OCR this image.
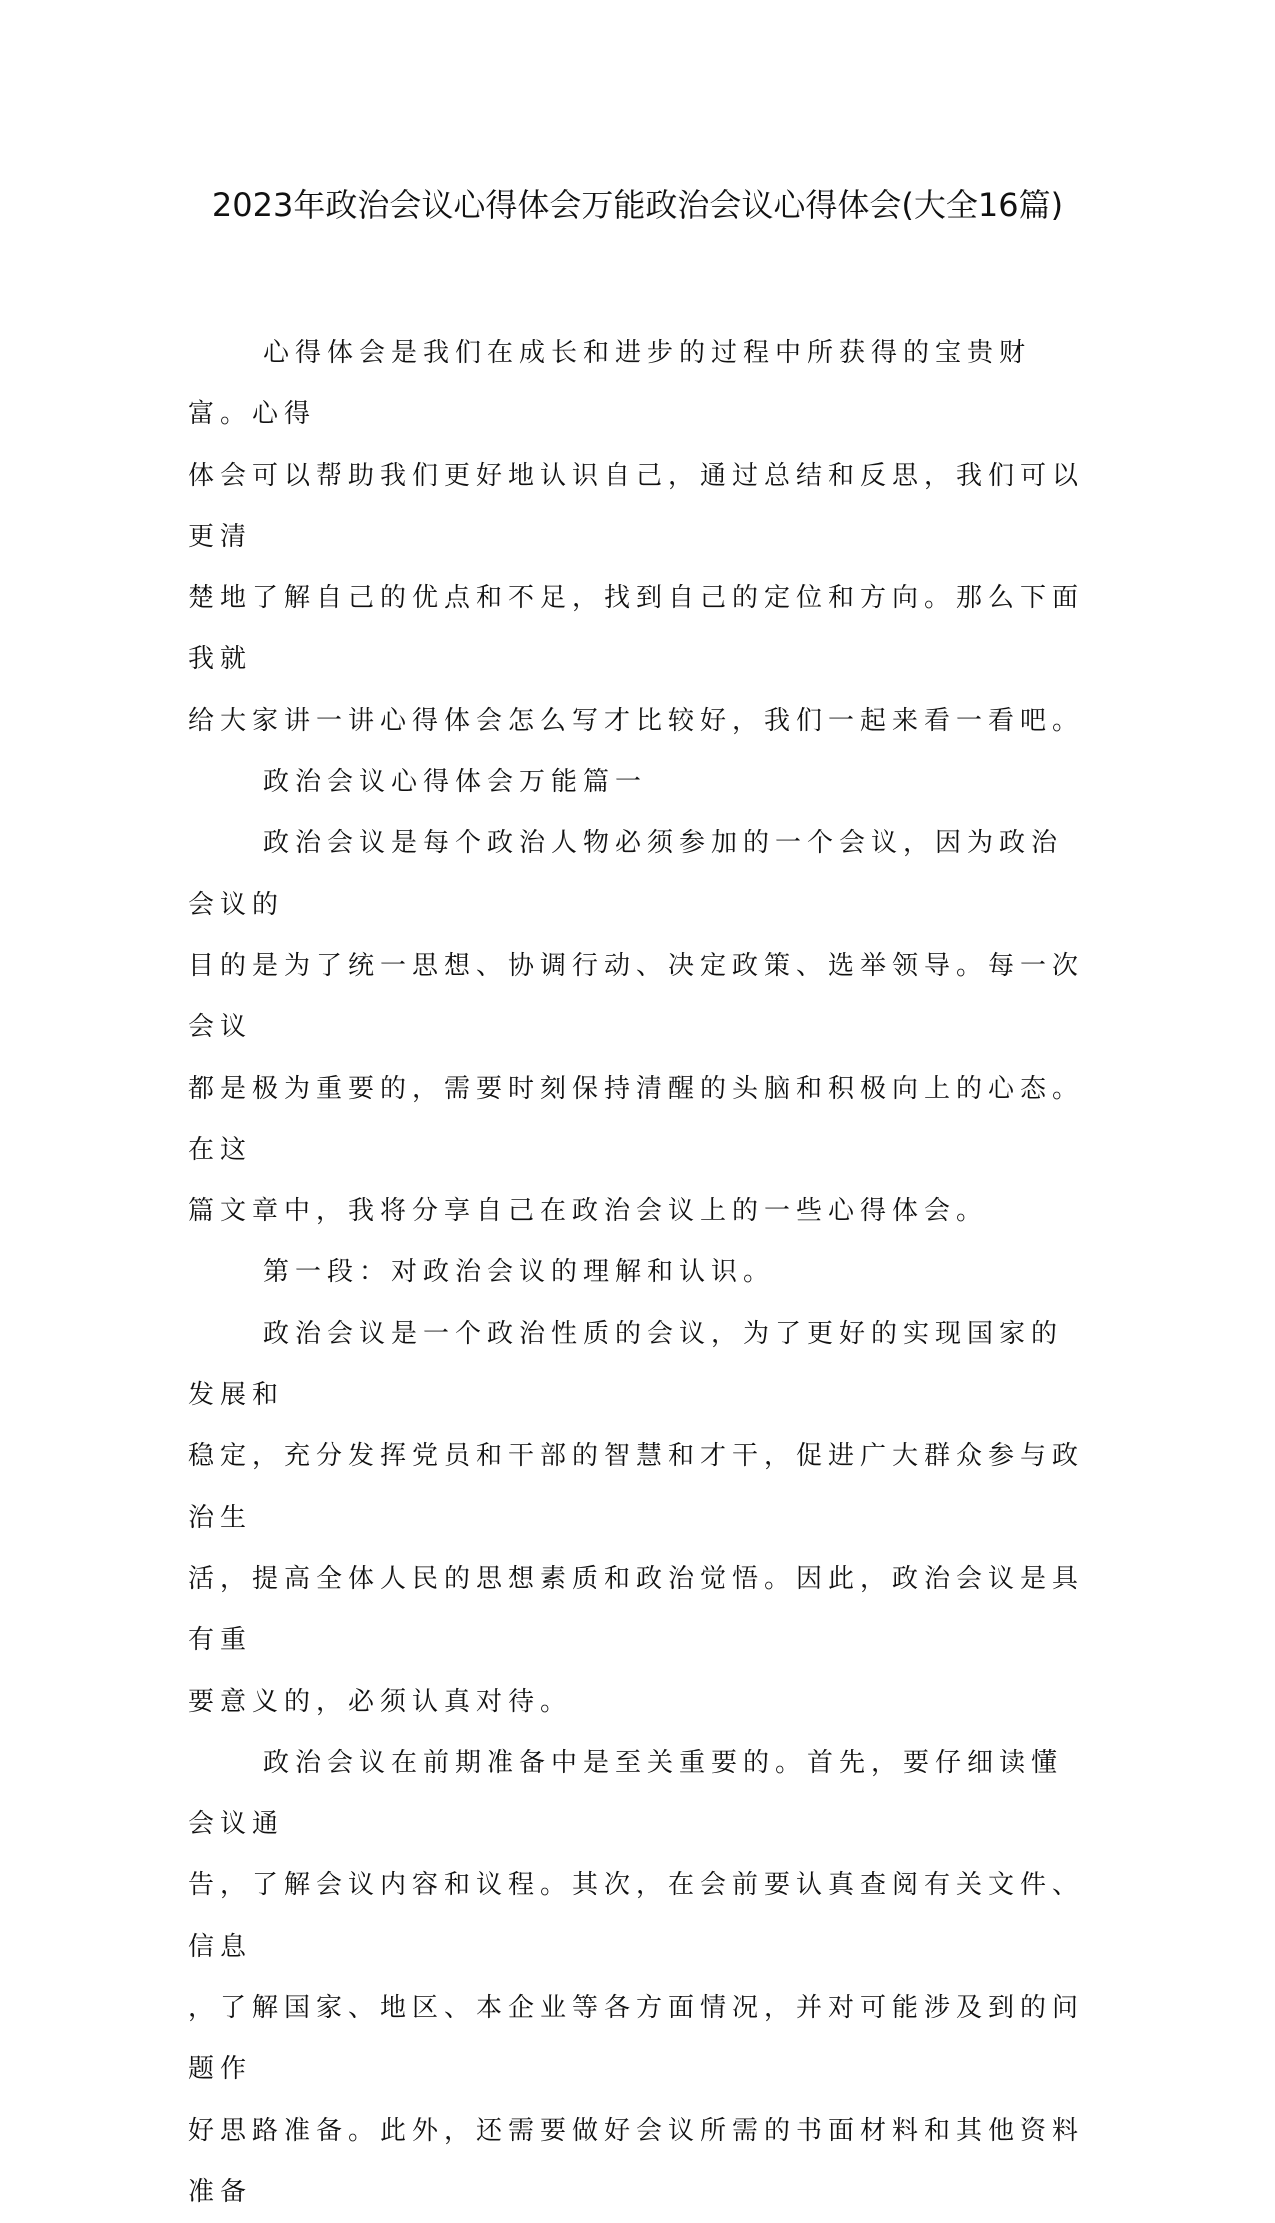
2023年政治会议心得体会万能政治会议心得体会(大全16篇)

心得体会是我们在成长和进步的过程中所获得的宝贵财富。心得
体会可以帮助我们更好地认识自己，通过总结和反思，我们可以更清
楚地了解自己的优点和不足，找到自己的定位和方向。那么下面我就
给大家讲一讲心得体会怎么写才比较好，我们一起来看一看吧。

政治会议心得体会万能篇一

政治会议是每个政治人物必须参加的一个会议，因为政治会议的
目的是为了统一思想、协调行动、决定政策、选举领导。每一次会议
都是极为重要的，需要时刻保持清醒的头脑和积极向上的心态。在这
篇文章中，我将分享自己在政治会议上的一些心得体会。

第一段：对政治会议的理解和认识。

政治会议是一个政治性质的会议，为了更好的实现国家的发展和
稳定，充分发挥党员和干部的智慧和才干，促进广大群众参与政治生
活，提高全体人民的思想素质和政治觉悟。因此，政治会议是具有重
要意义的，必须认真对待。

政治会议在前期准备中是至关重要的。首先，要仔细读懂会议通
告，了解会议内容和议程。其次，在会前要认真查阅有关文件、信息
，了解国家、地区、本企业等各方面情况，并对可能涉及到的问题作
好思路准备。此外，还需要做好会议所需的书面材料和其他资料准备
